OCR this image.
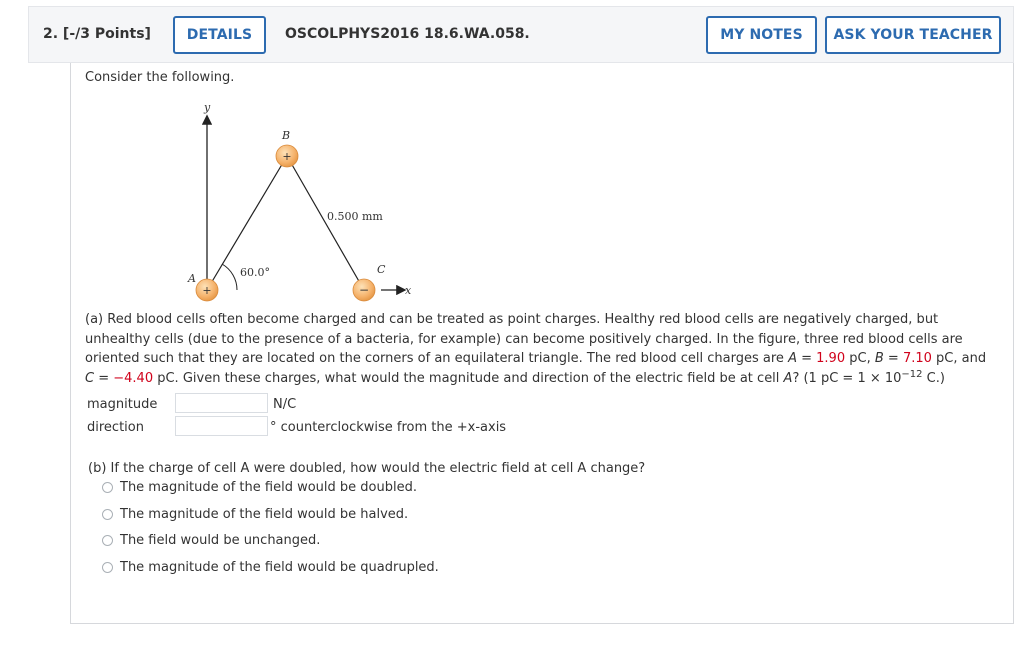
2. [-/3 Points]	DETAILS	OSCOLPHYS2016 18.6.WA.058.	MY NOTES	ASK YOUR TEACHER
Consider the following.
y
x
60.0°
0.500 mm
A
B
C
+
+
−
(a) Red blood cells often become charged and can be treated as point charges. Healthy red blood cells are negatively charged, but unhealthy cells (due to the presence of a bacteria, for example) can become positively charged. In the figure, three red blood cells are oriented such that they are located on the corners of an equilateral triangle. The red blood cell charges are A = 1.90 pC, B = 7.10 pC, and C = −4.40 pC. Given these charges, what would the magnitude and direction of the electric field be at cell A? (1 pC = $1 \times 10^{-12}$ C.)
magnitude	N/C
direction	° counterclockwise from the +x-axis
(b) If the charge of cell A were doubled, how would the electric field at cell A change?
The magnitude of the field would be doubled.
The magnitude of the field would be halved.
The field would be unchanged.
The magnitude of the field would be quadrupled.
